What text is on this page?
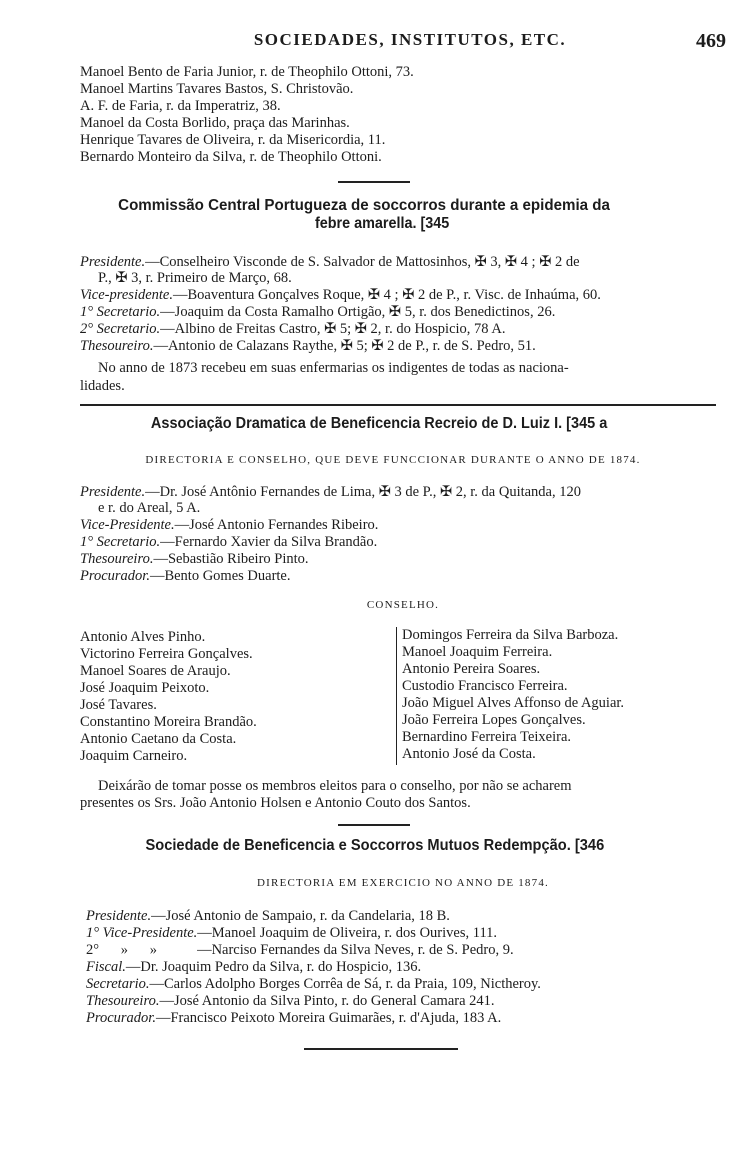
SOCIEDADES, INSTITUTOS, ETC.	469
Manoel Bento de Faria Junior, r. de Theophilo Ottoni, 73.
Manoel Martins Tavares Bastos, S. Christovão.
A. F. de Faria, r. da Imperatriz, 38.
Manoel da Costa Borlido, praça das Marinhas.
Henrique Tavares de Oliveira, r. da Misericordia, 11.
Bernardo Monteiro da Silva, r. de Theophilo Ottoni.
Commissão Central Portugueza de soccorros durante a epidemia da
febre amarella. [345
Presidente.—Conselheiro Visconde de S. Salvador de Mattosinhos, ✠ 3, ✠ 4 ; ✠ 2 de
P., ✠ 3, r. Primeiro de Março, 68.
Vice-presidente.—Boaventura Gonçalves Roque, ✠ 4 ; ✠ 2 de P., r. Visc. de Inhaúma, 60.
1° Secretario.—Joaquim da Costa Ramalho Ortigão, ✠ 5, r. dos Benedictinos, 26.
2° Secretario.—Albino de Freitas Castro, ✠ 5; ✠ 2, r. do Hospicio, 78 A.
Thesoureiro.—Antonio de Calazans Raythe, ✠ 5; ✠ 2 de P., r. de S. Pedro, 51.
No anno de 1873 recebeu em suas enfermarias os indigentes de todas as naciona-
lidades.
Associação Dramatica de Beneficencia Recreio de D. Luiz I. [345 a
DIRECTORIA E CONSELHO, QUE DEVE FUNCCIONAR DURANTE O ANNO DE 1874.
Presidente.—Dr. José Antônio Fernandes de Lima, ✠ 3 de P., ✠ 2, r. da Quitanda, 120
e r. do Areal, 5 A.
Vice-Presidente.—José Antonio Fernandes Ribeiro.
1° Secretario.—Fernardo Xavier da Silva Brandão.
Thesoureiro.—Sebastião Ribeiro Pinto.
Procurador.—Bento Gomes Duarte.
CONSELHO.
Antonio Alves Pinho.
Victorino Ferreira Gonçalves.
Manoel Soares de Araujo.
José Joaquim Peixoto.
José Tavares.
Constantino Moreira Brandão.
Antonio Caetano da Costa.
Joaquim Carneiro.
Domingos Ferreira da Silva Barboza.
Manoel Joaquim Ferreira.
Antonio Pereira Soares.
Custodio Francisco Ferreira.
João Miguel Alves Affonso de Aguiar.
João Ferreira Lopes Gonçalves.
Bernardino Ferreira Teixeira.
Antonio José da Costa.
Deixárão de tomar posse os membros eleitos para o conselho, por não se acharem
presentes os Srs. João Antonio Holsen e Antonio Couto dos Santos.
Sociedade de Beneficencia e Soccorros Mutuos Redempção. [346
DIRECTORIA EM EXERCICIO NO ANNO DE 1874.
Presidente.—José Antonio de Sampaio, r. da Candelaria, 18 B.
1° Vice-Presidente.—Manoel Joaquim de Oliveira, r. dos Ourives, 111.
2°      »      »	—Narciso Fernandes da Silva Neves, r. de S. Pedro, 9.
Fiscal.—Dr. Joaquim Pedro da Silva, r. do Hospicio, 136.
Secretario.—Carlos Adolpho Borges Corrêa de Sá, r. da Praia, 109, Nictheroy.
Thesoureiro.—José Antonio da Silva Pinto, r. do General Camara 241.
Procurador.—Francisco Peixoto Moreira Guimarães, r. d'Ajuda, 183 A.
